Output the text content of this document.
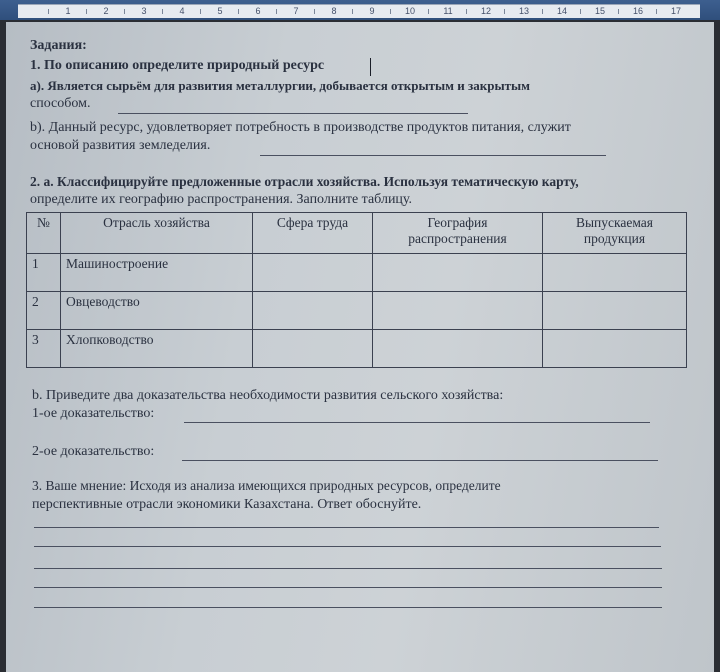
1	2	3	4	5	6	7	8	9	10	11	12	13	14	15	16	17
Задания:
1. По описанию определите природный ресурс
а). Является сырьём для развития металлургии, добывается открытым и закрытым
способом.
b). Данный ресурс, удовлетворяет потребность в производстве продуктов питания, служит
основой развития земледелия.
2. а. Классифицируйте предложенные отрасли хозяйства. Используя тематическую карту,
определите их географию распространения. Заполните таблицу.
№	Отрасль хозяйства	Сфера труда	География распространения	Выпускаемая продукция
1	Машиностроение			
2	Овцеводство			
3	Хлопководство			
b. Приведите два доказательства необходимости развития сельского хозяйства:
1-ое доказательство:
2-ое доказательство:
3. Ваше мнение: Исходя из анализа имеющихся природных ресурсов, определите
перспективные отрасли экономики Казахстана. Ответ обоснуйте.
